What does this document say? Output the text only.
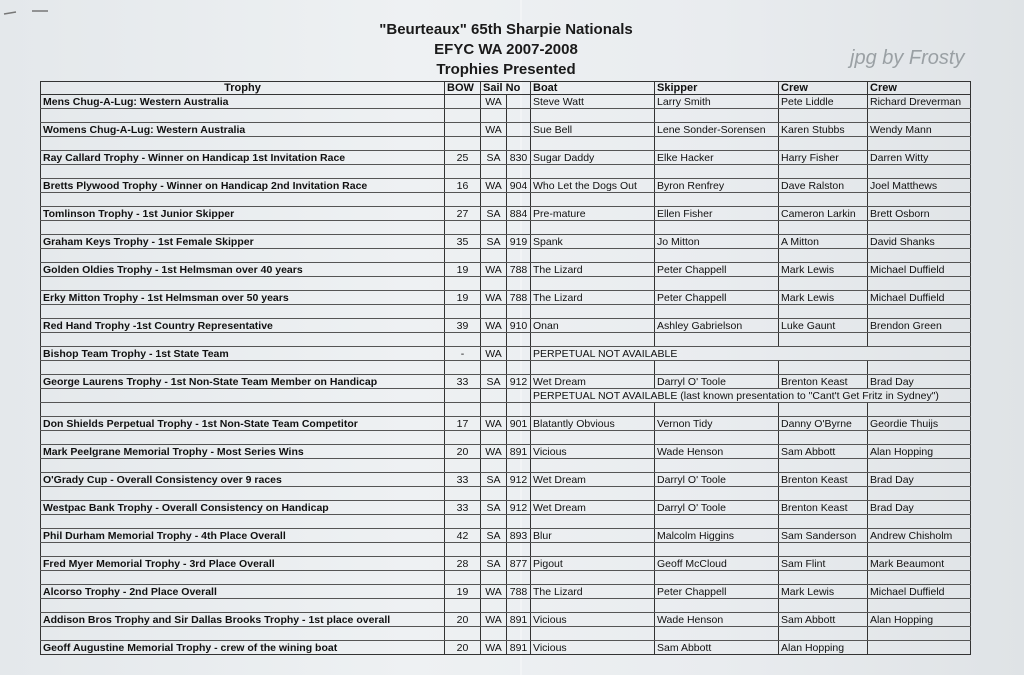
"Beurteaux" 65th Sharpie Nationals
EFYC WA 2007-2008
Trophies Presented
jpg by Frosty
Trophy	BOW	Sail No		Boat	Skipper	Crew	Crew
Mens Chug-A-Lug: Western Australia		WA		Steve Watt	Larry Smith	Pete Liddle	Richard Dreverman

Womens Chug-A-Lug: Western Australia		WA		Sue Bell	Lene Sonder-Sorensen	Karen Stubbs	Wendy Mann

Ray Callard Trophy - Winner on Handicap 1st Invitation Race	25	SA	830	Sugar Daddy	Elke Hacker	Harry Fisher	Darren Witty

Bretts Plywood Trophy - Winner on Handicap 2nd Invitation Race	16	WA	904	Who Let the Dogs Out	Byron Renfrey	Dave Ralston	Joel Matthews

Tomlinson Trophy - 1st Junior Skipper	27	SA	884	Pre-mature	Ellen Fisher	Cameron Larkin	Brett Osborn

Graham Keys Trophy - 1st Female Skipper	35	SA	919	Spank	Jo Mitton	A Mitton	David Shanks

Golden Oldies Trophy - 1st Helmsman over 40 years	19	WA	788	The Lizard	Peter Chappell	Mark Lewis	Michael Duffield

Erky Mitton Trophy - 1st Helmsman over 50 years	19	WA	788	The Lizard	Peter Chappell	Mark Lewis	Michael Duffield

Red Hand Trophy -1st Country Representative	39	WA	910	Onan	Ashley Gabrielson	Luke Gaunt	Brendon Green

Bishop Team Trophy - 1st State Team	-	WA		PERPETUAL NOT AVAILABLE			

George Laurens Trophy - 1st Non-State Team Member on Handicap	33	SA	912	Wet Dream	Darryl O' Toole	Brenton Keast	Brad Day
				PERPETUAL NOT AVAILABLE (last known presentation to "Cant't Get Fritz in Sydney")			

Don Shields Perpetual Trophy - 1st Non-State Team Competitor	17	WA	901	Blatantly Obvious	Vernon Tidy	Danny O'Byrne	Geordie Thuijs

Mark Peelgrane Memorial Trophy - Most Series Wins	20	WA	891	Vicious	Wade Henson	Sam Abbott	Alan Hopping

O'Grady Cup - Overall Consistency over 9 races	33	SA	912	Wet Dream	Darryl O' Toole	Brenton Keast	Brad Day

Westpac Bank Trophy - Overall Consistency on Handicap	33	SA	912	Wet Dream	Darryl O' Toole	Brenton Keast	Brad Day

Phil Durham Memorial Trophy - 4th Place Overall	42	SA	893	Blur	Malcolm Higgins	Sam Sanderson	Andrew Chisholm

Fred Myer Memorial Trophy - 3rd Place Overall	28	SA	877	Pigout	Geoff McCloud	Sam Flint	Mark Beaumont

Alcorso Trophy - 2nd Place Overall	19	WA	788	The Lizard	Peter Chappell	Mark Lewis	Michael Duffield

Addison Bros Trophy and Sir Dallas Brooks Trophy - 1st place overall	20	WA	891	Vicious	Wade Henson	Sam Abbott	Alan Hopping

Geoff Augustine Memorial Trophy - crew of the wining boat	20	WA	891	Vicious	Sam Abbott	Alan Hopping	
